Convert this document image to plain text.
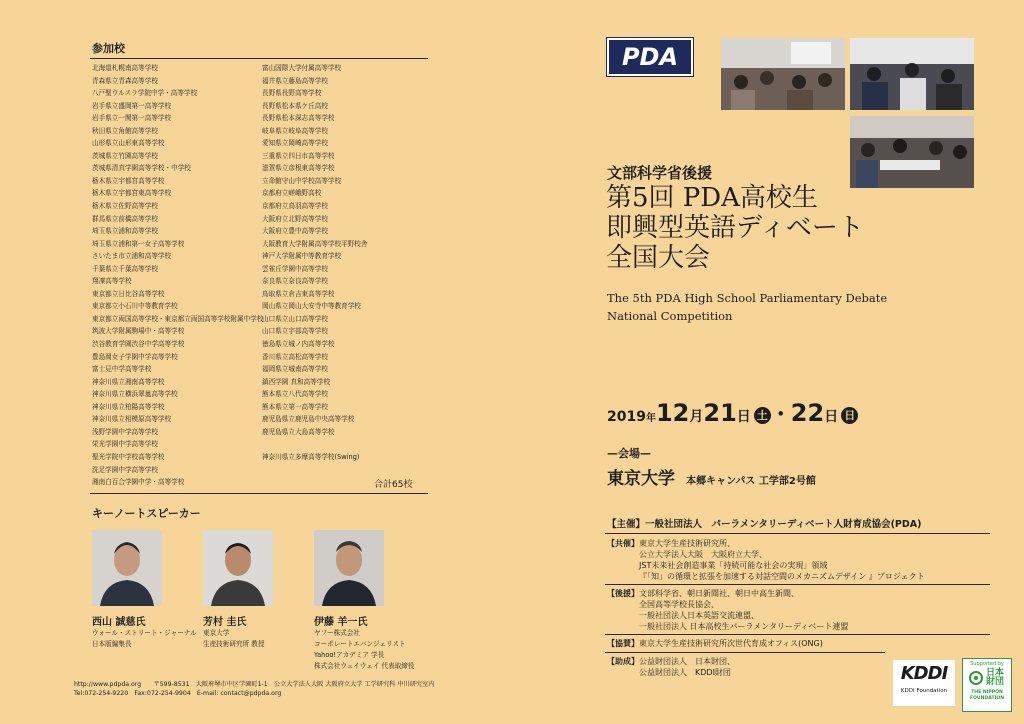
参加校
北海道札幌南高等学校
青森県立青森高等学校
八戸聖ウルスラ学院中学・高等学校
岩手県立盛岡第一高等学校
岩手県立一関第一高等学校
秋田県立角館高等学校
山形県立山形東高等学校
茨城県立竹園高等学校
茨城県清真学園高等学校・中学校
栃木県立宇都宮高等学校
栃木県立宇都宮東高等学校
栃木県立佐野高等学校
群馬県立前橋高等学校
埼玉県立浦和高等学校
埼玉県立浦和第一女子高等学校
さいたま市立浦和高等学校
千葉県立千葉高等学校
翔凜高等学校
東京都立日比谷高等学校
東京都立小石川中等教育学校
東京都立両国高等学校・東京都立両国高等学校附属中学校
筑波大学附属駒場中・高等学校
渋谷教育学園渋谷中学高等学校
豊島岡女子学園中学高等学校
富士見中学高等学校
神奈川県立湘南高等学校
神奈川県立横浜翠嵐高等学校
神奈川県立柏陽高等学校
神奈川県立相模原高等学校
浅野学園中学高等学校
栄光学園中学高等学校
聖光学院中学校高等学校
洗足学園中学高等学校
湘南白百合学園中学・高等学校
富山国際大学付属高等学校
福井県立藤島高等学校
長野県長野高等学校
長野県松本県ケ丘高校
長野県松本深志高等学校
岐阜県立岐阜高等学校
愛知県立岡崎高等学校
三重県立四日市高等学校
滋賀県立彦根東高等学校
立命館守山中学校高等学校
京都府立嵯峨野高校
京都府立鳥羽高等学校
大阪府立北野高等学校
大阪府立豊中高等学校
大阪教育大学附属高等学校平野校舎
神戸大学附属中等教育学校
雲雀丘学園中高等学校
奈良県立奈良高等学校
鳥取県立倉吉東高等学校
岡山県立岡山大安寺中等教育学校
山口県立山口高等学校
山口県立宇部高等学校
徳島県立城ノ内高等学校
香川県立高松高等学校
福岡県立城南高等学校
鎮西学園 真和高等学校
熊本県立八代高等学校
熊本県立第一高等学校
鹿児島県立鹿児島中央高等学校
鹿児島県立大島高等学校
神奈川県立多摩高等学校(Swing)
合計65校
キーノートスピーカー
西山 誠慈氏
ウォール・ストリート・ジャーナル
日本版編集長
芳村 圭氏
東京大学
生産技術研究所 教授
伊藤 羊一氏
ヤフー株式会社
コーポレートエバンジェリスト
Yahoo!アカデミア 学長
株式会社ウェイウェイ 代表取締役
http://www.pdpda.org　　 〒599-8531　大阪府堺市中区学園町1-1　公立大学法人大阪 大阪府立大学 工学研究科 中川研究室内
Tel:072-254-9220　Fax:072-254-9904　E-mail: contact@pdpda.org
PDA
文部科学省後援
第5回 PDA高校生
即興型英語ディベート
全国大会
The 5th PDA High School Parliamentary Debate
National Competition
2019年12月21日 土 ・22日 日
—会場—
東京大学 本郷キャンパス 工学部2号館
【主催】一般社団法人　パーラメンタリーディベート人財育成協会(PDA)
【共催】 東京大学生産技術研究所、
公立大学法人大阪　大阪府立大学、
JST未来社会創造事業「持続可能な社会の実現」領域
『「知」の循環と拡張を加速する対話空間のメカニズムデザイン 』プロジェクト
【後援】 文部科学省、朝日新聞社、朝日中高生新聞、
全国高等学校長協会、
一般社団法人日本英語交流連盟、
一般社団法人 日本高校生パーラメンタリーディベート連盟
【協賛】 東京大学生産技術研究所次世代育成オフィス(ONG)
【助成】 公益財団法人　日本財団、
公益財団法人　KDDI財団	KDDI
KDDI Foundation
Supported by
日本財団
THE NIPPON FOUNDATION
